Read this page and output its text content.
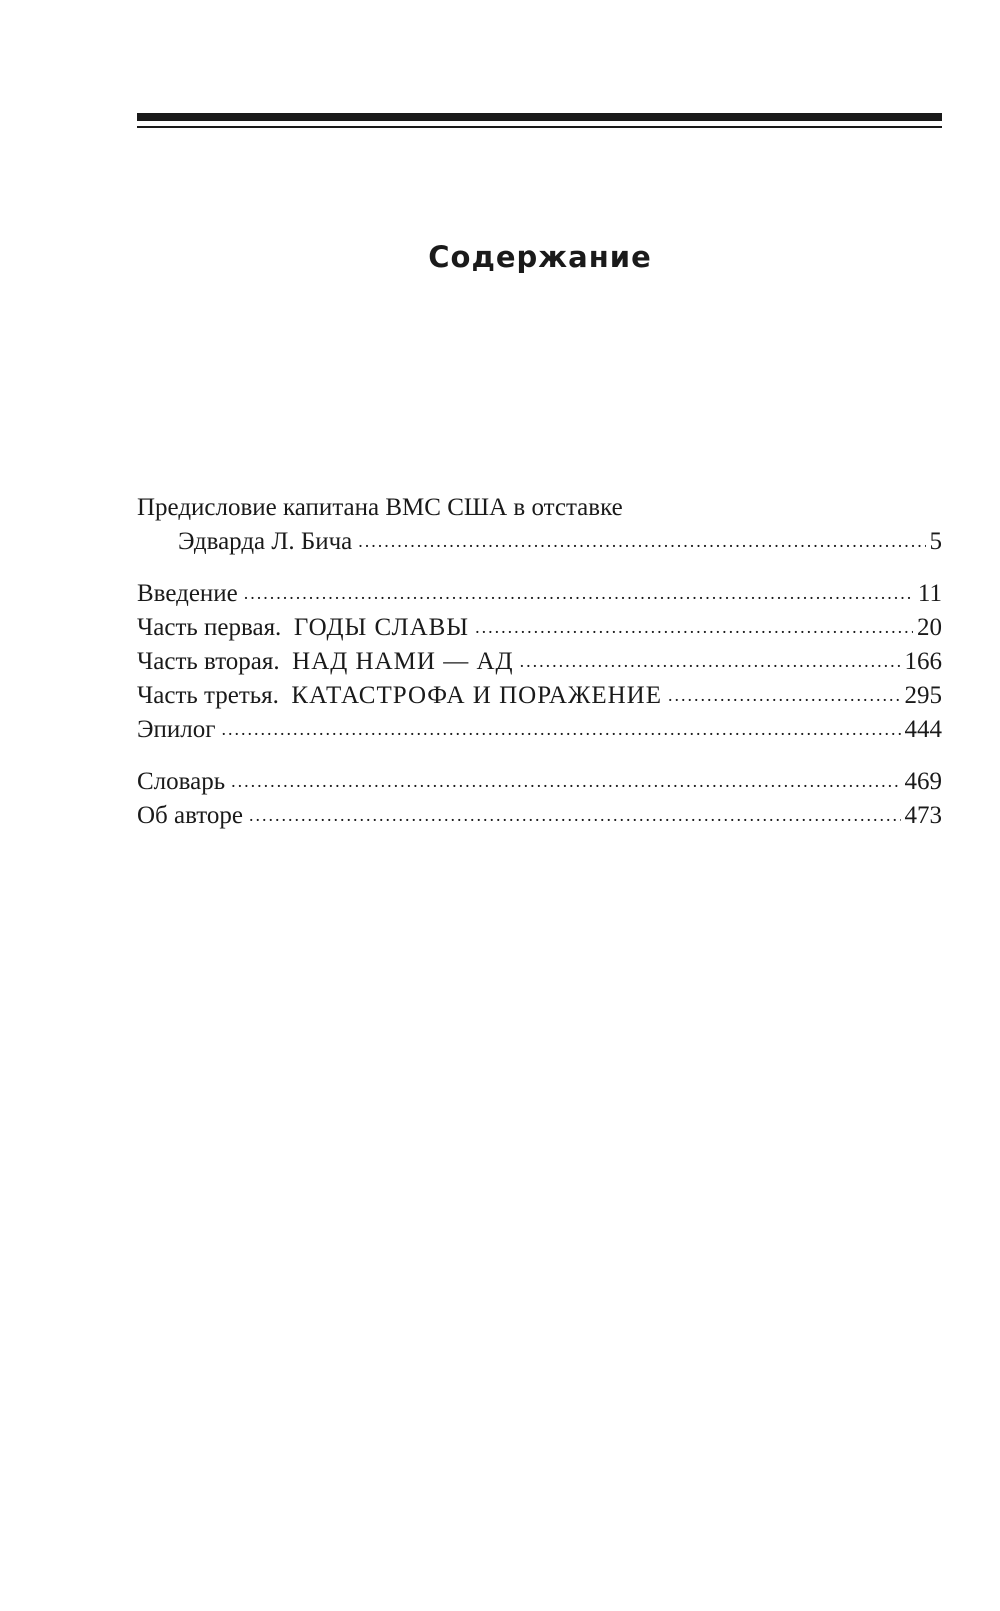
Содержание
Предисловие капитана ВМС США в отставке
Эдварда Л. Бича .....	5
Введение .....	11
Часть первая. ГОДЫ СЛАВЫ .....	20
Часть вторая. НАД НАМИ — АД .....	166
Часть третья. КАТАСТРОФА И ПОРАЖЕНИЕ .....	295
Эпилог .....	444
Словарь .....	469
Об авторе .....	473
